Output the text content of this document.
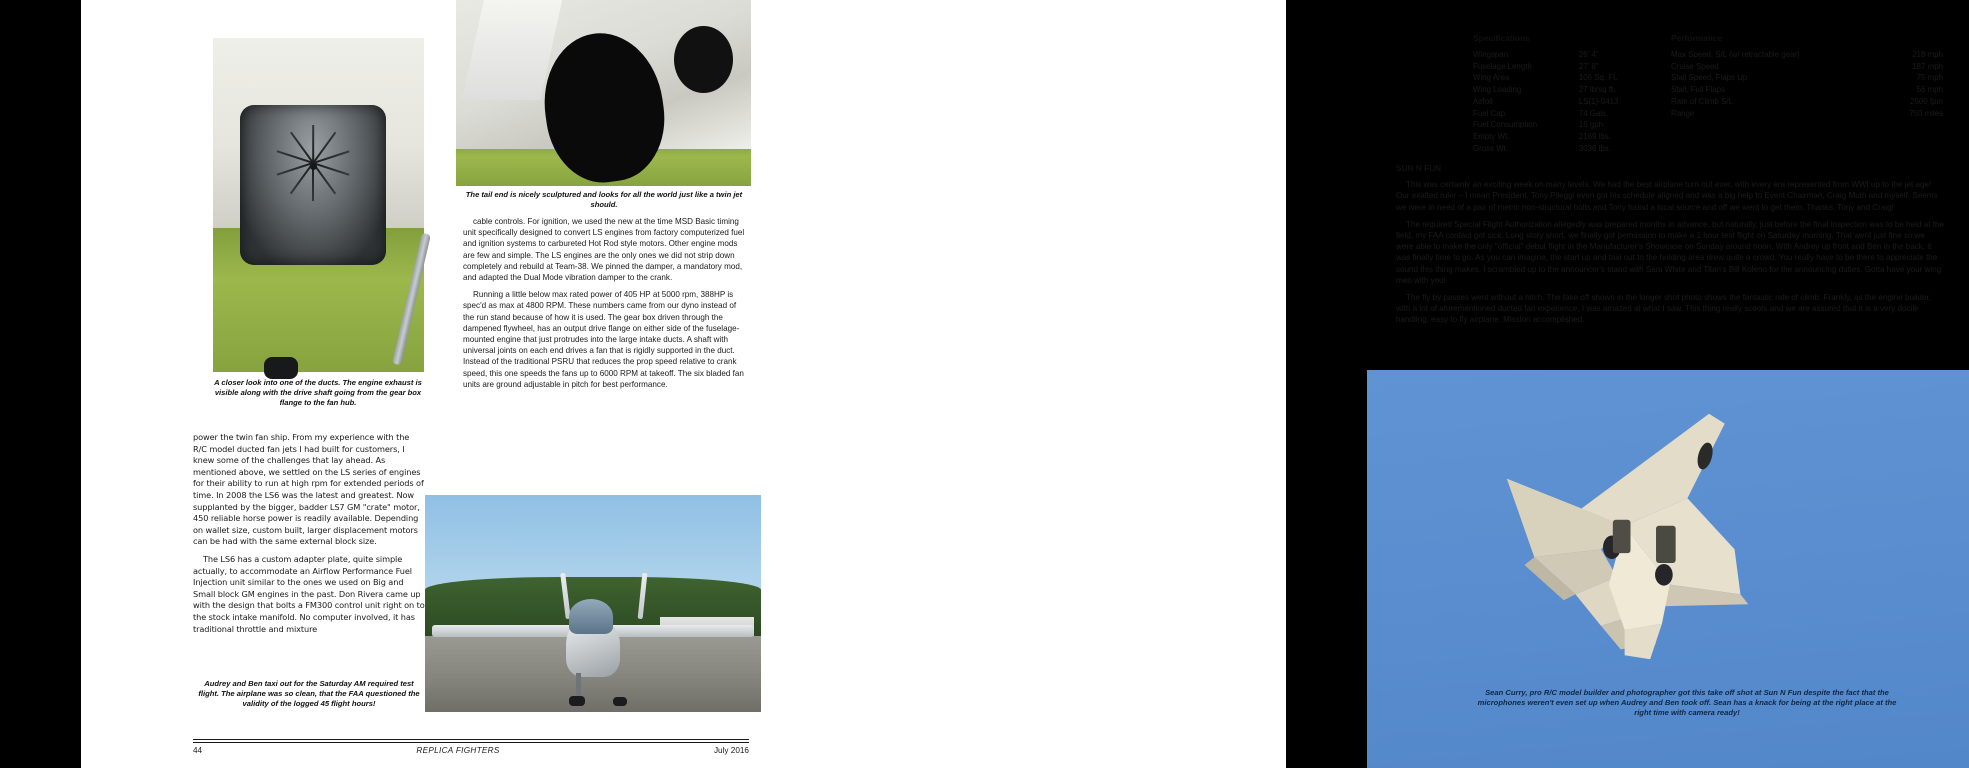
A closer look into one of the ducts. The engine exhaust is visible along with the drive shaft going from the gear box flange to the fan hub.
The tail end is nicely sculptured and looks for all the world just like a twin jet should.

cable controls. For ignition, we used the new at the time MSD Basic timing unit specifically designed to convert LS engines from factory computerized fuel and ignition systems to carbureted Hot Rod style motors. Other engine mods are few and simple. The LS engines are the only ones we did not strip down completely and rebuild at Team-38. We pinned the damper, a mandatory mod, and adapted the Dual Mode vibration damper to the crank.

Running a little below max rated power of 405 HP at 5000 rpm, 388HP is spec'd as max at 4800 RPM. These numbers came from our dyno instead of the run stand because of how it is used. The gear box driven through the dampened flywheel, has an output drive flange on either side of the fuselage-mounted engine that just protrudes into the large intake ducts. A shaft with universal joints on each end drives a fan that is rigidly supported in the duct. Instead of the traditional PSRU that reduces the prop speed relative to crank speed, this one speeds the fans up to 6000 RPM at takeoff. The six bladed fan units are ground adjustable in pitch for best performance.

power the twin fan ship. From my experience with the R/C model ducted fan jets I had built for customers, I knew some of the challenges that lay ahead. As mentioned above, we settled on the LS series of engines for their ability to run at high rpm for extended periods of time. In 2008 the LS6 was the latest and greatest. Now supplanted by the bigger, badder LS7 GM "crate" motor, 450 reliable horse power is readily available. Depending on wallet size, custom built, larger displacement motors can be had with the same external block size.

The LS6 has a custom adapter plate, quite simple actually, to accommodate an Airflow Performance Fuel Injection unit similar to the ones we used on Big and Small block GM engines in the past. Don Rivera came up with the design that bolts a FM300 control unit right on to the stock intake manifold. No computer involved, it has traditional throttle and mixture

Audrey and Ben taxi out for the Saturday AM required test flight. The airplane was so clean, that the FAA questioned the validity of the logged 45 flight hours!
44	REPLICA FIGHTERS	July 2016
Specifications
Wingspan	26' 4"
Fuselage Length	27' 8"
Wing Area	106 Sq. Ft.
Wing Loading	27 lb/sq ft.
Airfoil	LS(1)-0413
Fuel Cap.	74 Gals.
Fuel Consumption	15 gph
Empty Wt.	2169 lbs.
Gross Wt.	3036 lbs.
Performance
Max Speed, S/L (w/ retractable gear)	218 mph
Cruise Speed	187 mph
Stall Speed, Flaps Up	75 mph
Stall, Full Flaps	56 mph
Rate of Climb S/L	2500 fpm
Range	750 miles
SUN N FUN

This was certainly an exciting week on many levels. We had the best airplane turn out ever, with every era represented from WWI up to the jet age! Our exalted ruler – I mean President, Tony Pileggi even got his schedule aligned and was a big help to Event Chairman, Craig Muth and myself. Seems we were in need of a pair of metric non-structural bolts and Tony found a local source and off we went to get them. Thanks, Tony and Craig!

The required Special Flight Authorization allegedly was prepared months in advance, but naturally, just before the final inspection was to be held at the field, my FAA contact got sick. Long story short, we finally got permission to make a 1 hour test flight on Saturday morning. That went just fine so we were able to make the only "official" debut flight in the Manufacturer's Showcase on Sunday around noon. With Andrey up front and Ben in the back, it was finally time to go. As you can imagine, the start up and taxi out to the holding area drew quite a crowd. You really have to be there to appreciate the sound this thing makes. I scrambled up to the announcer's stand with Sam White and Titan's Bill Koleno for the announcing duties. Gotta have your wing men with you!

The fly by passes went without a hitch. The take off shown in the longer shot photo shows the fantastic rate of climb. Frankly, as the engine builder, with a lot of aforementioned ducted fan experience, I was amazed at what I saw. This thing really scoots and we are assured that it is a very docile handling, easy to fly airplane. Mission accomplished.

Sean Curry, pro R/C model builder and photographer got this take off shot at Sun N Fun despite the fact that the microphones weren't even set up when Audrey and Ben took off. Sean has a knack for being at the right place at the right time with camera ready!
